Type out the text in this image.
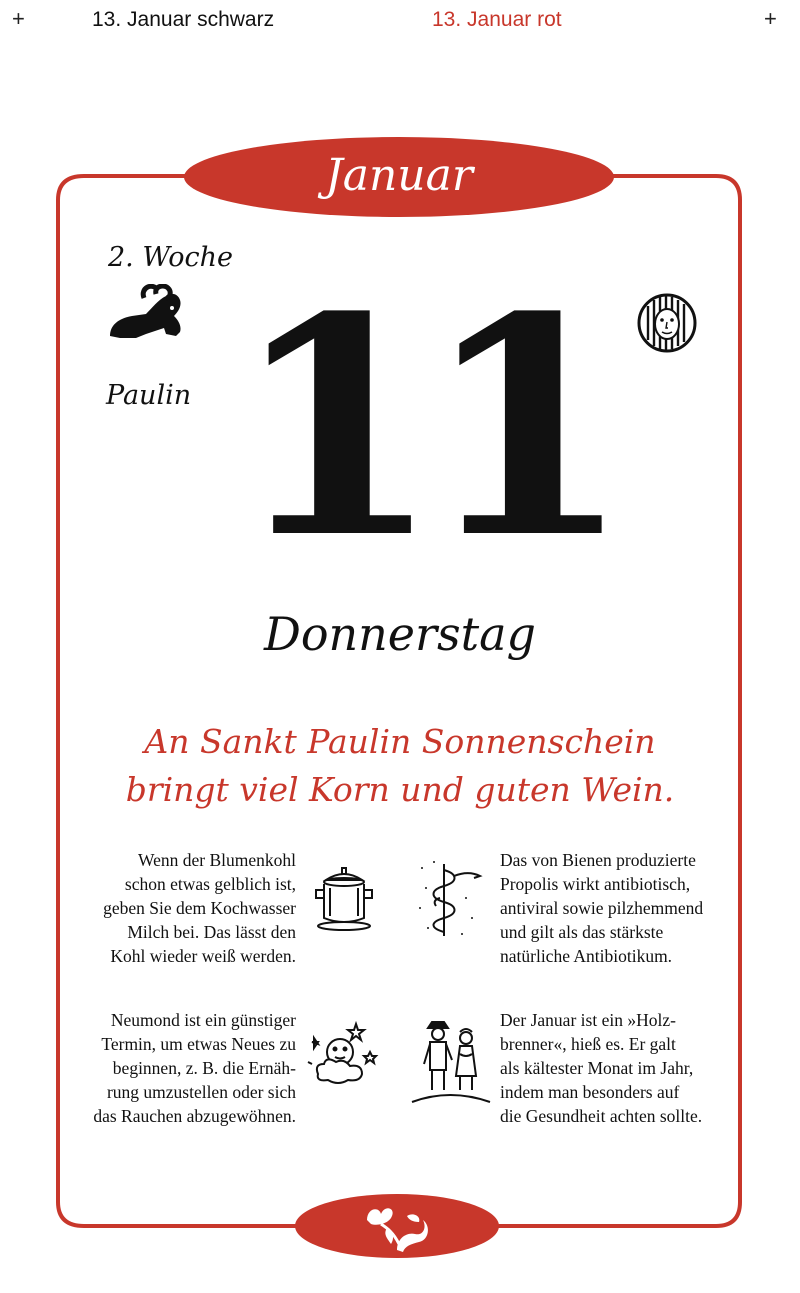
+	13. Januar schwarz	13. Januar rot	+
Januar
2. Woche
Paulin 11
Donnerstag
An Sankt Paulin Sonnenschein
bringt viel Korn und guten Wein.
Wenn der Blumenkohl
schon etwas gelblich ist,
geben Sie dem Kochwasser
Milch bei. Das lässt den
Kohl wieder weiß werden.
Das von Bienen produzierte
Propolis wirkt antibiotisch,
antiviral sowie pilzhemmend
und gilt als das stärkste
natürliche Antibiotikum.
Neumond ist ein günstiger
Termin, um etwas Neues zu
beginnen, z. B. die Ernäh-
rung umzustellen oder sich
das Rauchen abzugewöhnen.
Der Januar ist ein »Holz-
brenner«, hieß es. Er galt
als kältester Monat im Jahr,
indem man besonders auf
die Gesundheit achten sollte.
